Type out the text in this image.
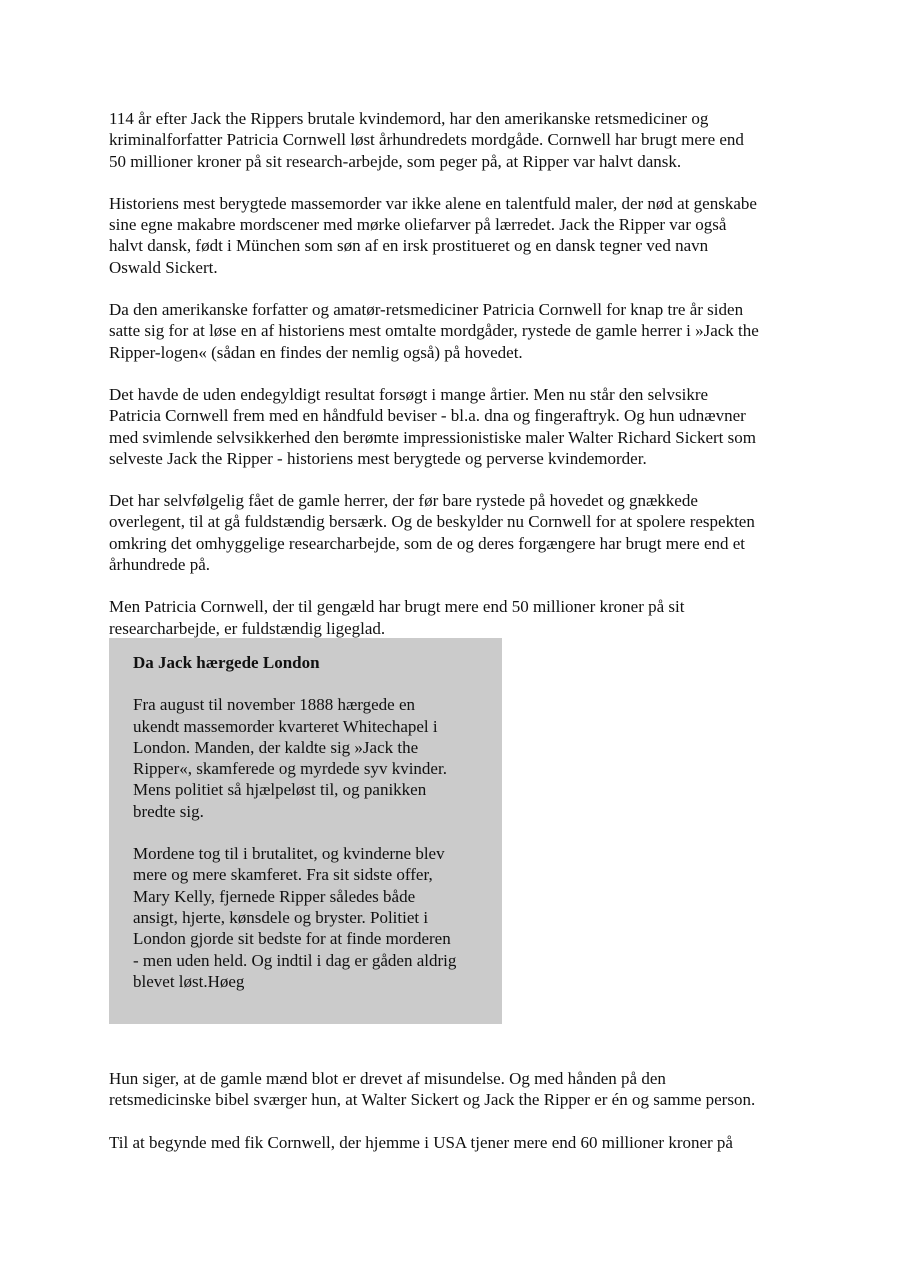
114 år efter Jack the Rippers brutale kvindemord, har den amerikanske retsmediciner og
kriminalforfatter Patricia Cornwell løst århundredets mordgåde. Cornwell har brugt mere end
50 millioner kroner på sit research-arbejde, som peger på, at Ripper var halvt dansk.

Historiens mest berygtede massemorder var ikke alene en talentfuld maler, der nød at genskabe
sine egne makabre mordscener med mørke oliefarver på lærredet. Jack the Ripper var også
halvt dansk, født i München som søn af en irsk prostitueret og en dansk tegner ved navn
Oswald Sickert.

Da den amerikanske forfatter og amatør-retsmediciner Patricia Cornwell for knap tre år siden
satte sig for at løse en af historiens mest omtalte mordgåder, rystede de gamle herrer i »Jack the
Ripper-logen« (sådan en findes der nemlig også) på hovedet.

Det havde de uden endegyldigt resultat forsøgt i mange årtier. Men nu står den selvsikre
Patricia Cornwell frem med en håndfuld beviser - bl.a. dna og fingeraftryk. Og hun udnævner
med svimlende selvsikkerhed den berømte impressionistiske maler Walter Richard Sickert som
selveste Jack the Ripper - historiens mest berygtede og perverse kvindemorder.

Det har selvfølgelig fået de gamle herrer, der før bare rystede på hovedet og gnækkede
overlegent, til at gå fuldstændig bersærk. Og de beskylder nu Cornwell for at spolere respekten
omkring det omhyggelige researcharbejde, som de og deres forgængere har brugt mere end et
århundrede på.

Men Patricia Cornwell, der til gengæld har brugt mere end 50 millioner kroner på sit
researcharbejde, er fuldstændig ligeglad.

Da Jack hærgede London

Fra august til november 1888 hærgede en
ukendt massemorder kvarteret Whitechapel i
London. Manden, der kaldte sig »Jack the
Ripper«, skamferede og myrdede syv kvinder.
Mens politiet så hjælpeløst til, og panikken
bredte sig.

Mordene tog til i brutalitet, og kvinderne blev
mere og mere skamferet. Fra sit sidste offer,
Mary Kelly, fjernede Ripper således både
ansigt, hjerte, kønsdele og bryster. Politiet i
London gjorde sit bedste for at finde morderen
- men uden held. Og indtil i dag er gåden aldrig
blevet løst.Høeg

Hun siger, at de gamle mænd blot er drevet af misundelse. Og med hånden på den
retsmedicinske bibel sværger hun, at Walter Sickert og Jack the Ripper er én og samme person.

Til at begynde med fik Cornwell, der hjemme i USA tjener mere end 60 millioner kroner på
